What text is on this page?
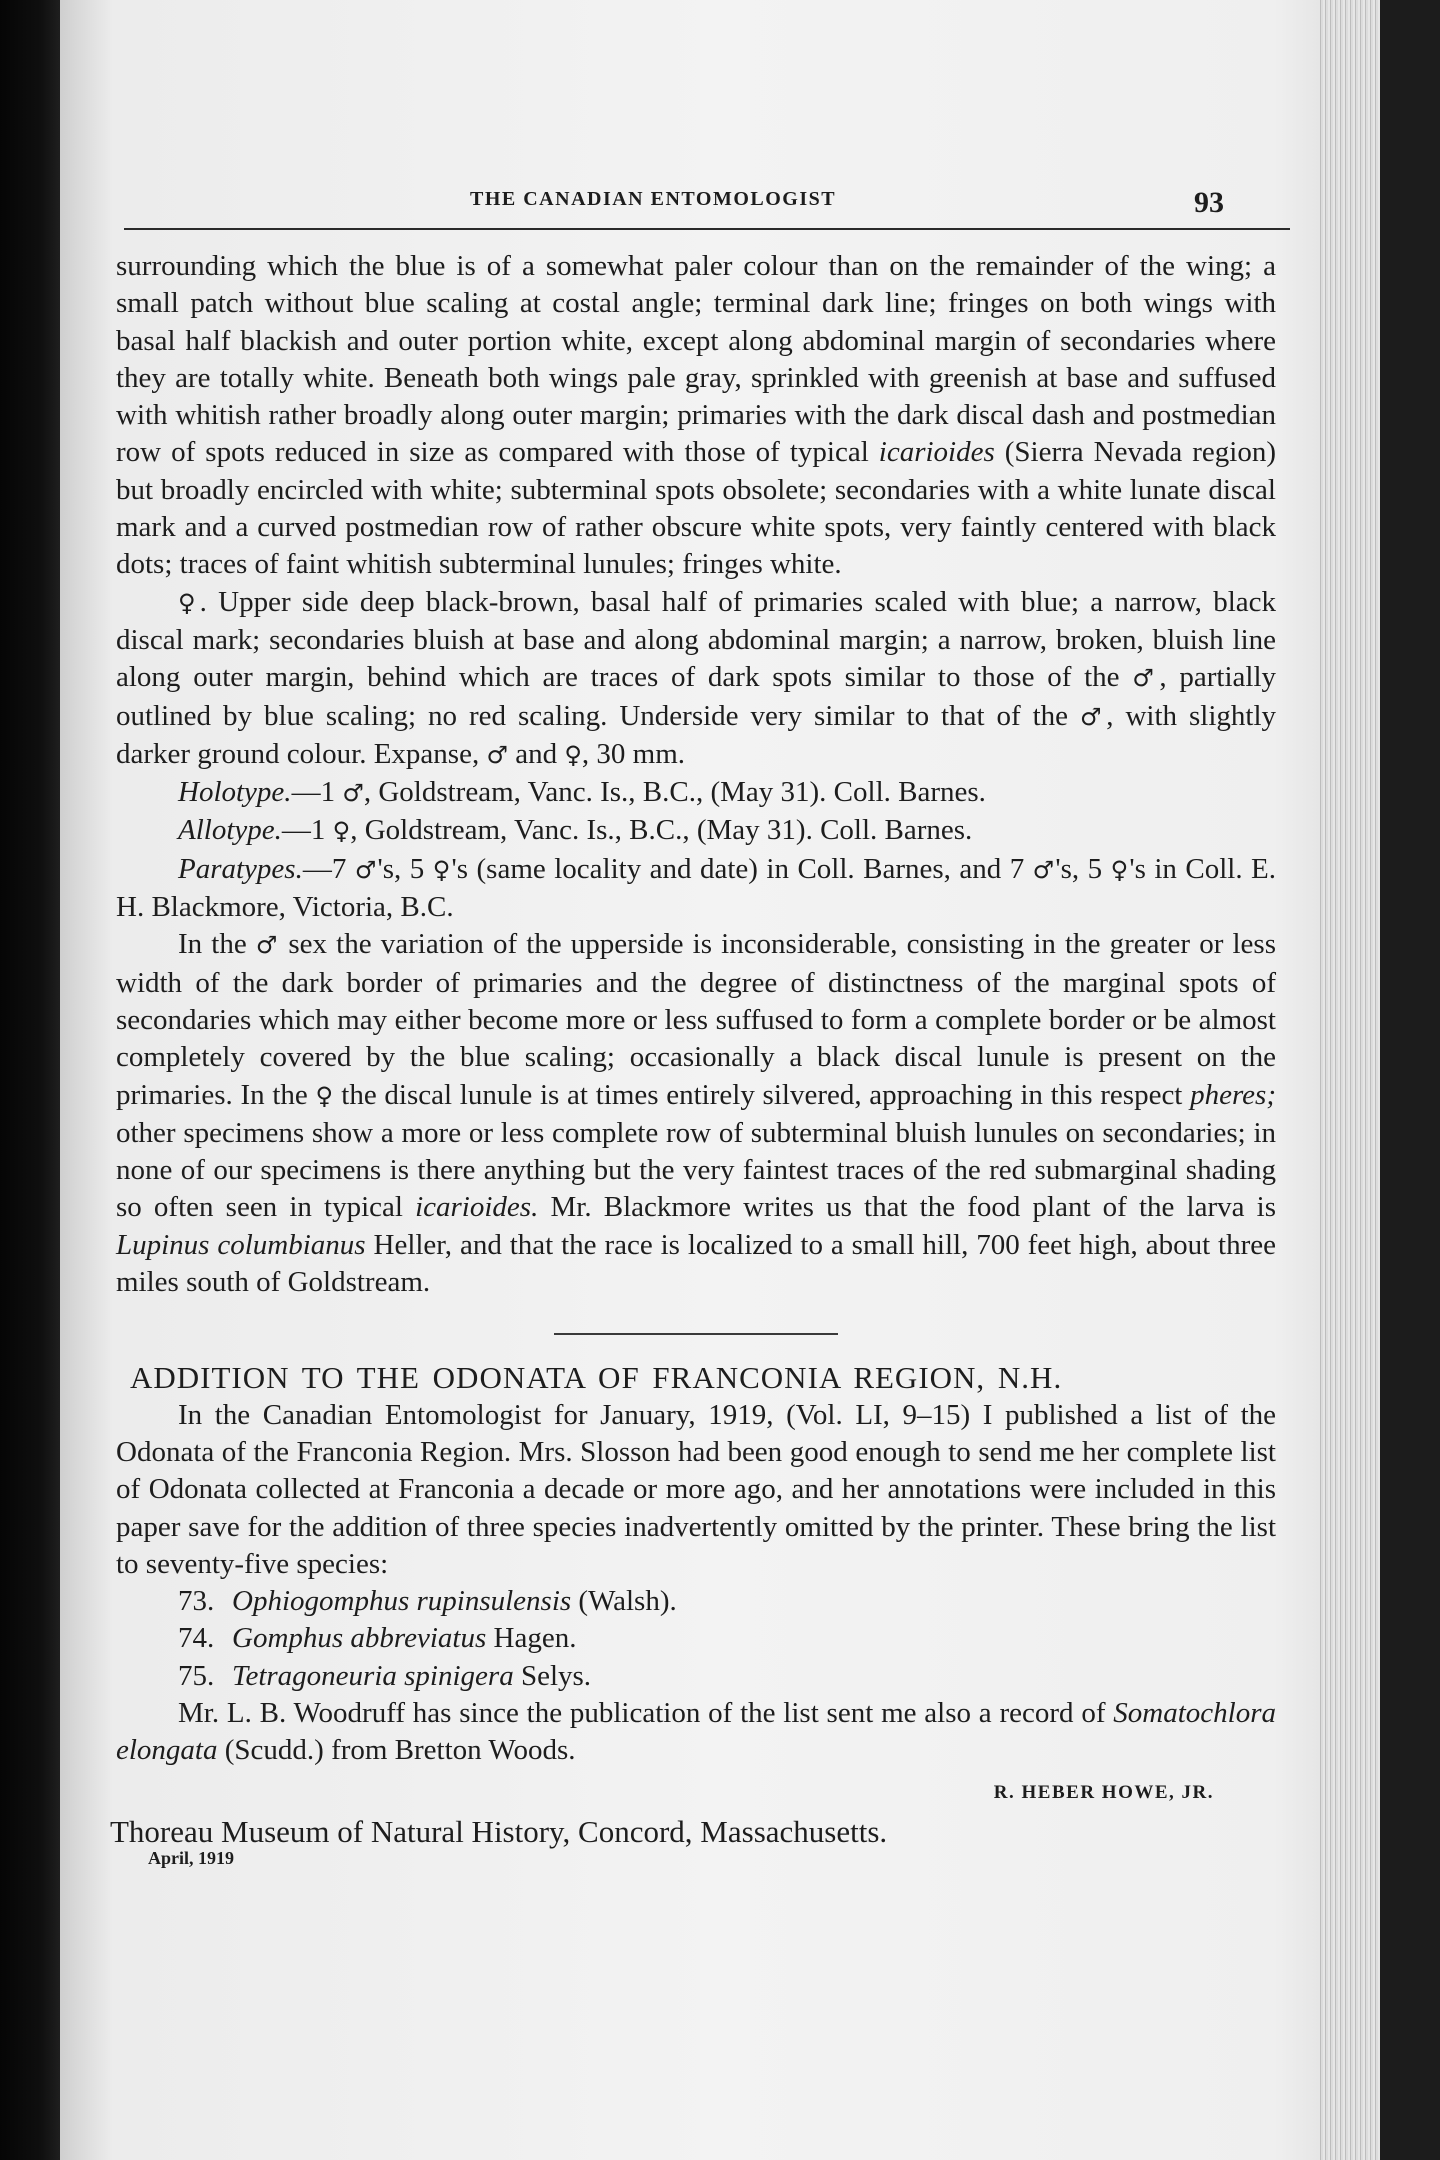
THE CANADIAN ENTOMOLOGIST	93

surrounding which the blue is of a somewhat paler colour than on the remainder of the wing; a small patch without blue scaling at costal angle; terminal dark line; fringes on both wings with basal half blackish and outer portion white, except along abdominal margin of secondaries where they are totally white. Beneath both wings pale gray, sprinkled with greenish at base and suffused with whitish rather broadly along outer margin; primaries with the dark discal dash and postmedian row of spots reduced in size as compared with those of typical icarioides (Sierra Nevada region) but broadly encircled with white; subterminal spots obsolete; secondaries with a white lunate discal mark and a curved postmedian row of rather obscure white spots, very faintly centered with black dots; traces of faint whitish subterminal lunules; fringes white.

♀. Upper side deep black-brown, basal half of primaries scaled with blue; a narrow, black discal mark; secondaries bluish at base and along abdominal margin; a narrow, broken, bluish line along outer margin, behind which are traces of dark spots similar to those of the ♂, partially outlined by blue scaling; no red scaling. Underside very similar to that of the ♂, with slightly darker ground colour. Expanse, ♂ and ♀, 30 mm.

Holotype.—1 ♂, Goldstream, Vanc. Is., B.C., (May 31). Coll. Barnes.

Allotype.—1 ♀, Goldstream, Vanc. Is., B.C., (May 31). Coll. Barnes.

Paratypes.—7 ♂'s, 5 ♀'s (same locality and date) in Coll. Barnes, and 7 ♂'s, 5 ♀'s in Coll. E. H. Blackmore, Victoria, B.C.

In the ♂ sex the variation of the upperside is inconsiderable, consisting in the greater or less width of the dark border of primaries and the degree of distinctness of the marginal spots of secondaries which may either become more or less suffused to form a complete border or be almost completely covered by the blue scaling; occasionally a black discal lunule is present on the primaries. In the ♀ the discal lunule is at times entirely silvered, approaching in this respect pheres; other specimens show a more or less complete row of subterminal bluish lunules on secondaries; in none of our specimens is there anything but the very faintest traces of the red submarginal shading so often seen in typical icarioides. Mr. Blackmore writes us that the food plant of the larva is Lupinus columbianus Heller, and that the race is localized to a small hill, 700 feet high, about three miles south of Goldstream.

ADDITION TO THE ODONATA OF FRANCONIA REGION, N.H.

In the Canadian Entomologist for January, 1919, (Vol. LI, 9–15) I published a list of the Odonata of the Franconia Region. Mrs. Slosson had been good enough to send me her complete list of Odonata collected at Franconia a decade or more ago, and her annotations were included in this paper save for the addition of three species inadvertently omitted by the printer. These bring the list to seventy-five species:

73. Ophiogomphus rupinsulensis (Walsh).
74. Gomphus abbreviatus Hagen.
75. Tetragoneuria spinigera Selys.

Mr. L. B. Woodruff has since the publication of the list sent me also a record of Somatochlora elongata (Scudd.) from Bretton Woods.

R. HEBER HOWE, JR.
Thoreau Museum of Natural History, Concord, Massachusetts.
April, 1919
